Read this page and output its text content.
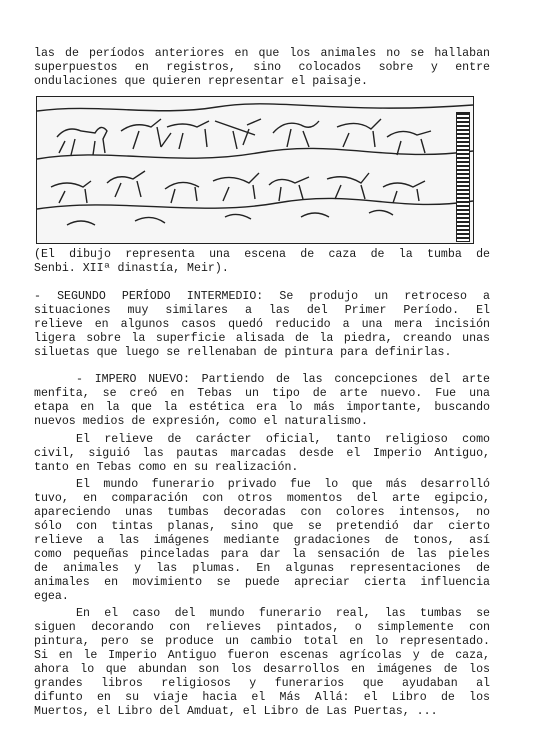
las de períodos anteriores en que los animales no se hallaban
superpuestos en registros, sino colocados sobre y entre
ondulaciones que quieren representar el paisaje.
(El dibujo representa una escena de caza de la tumba de
Senbi. XIIª dinastía, Meir).
- SEGUNDO PERÍODO INTERMEDIO: Se produjo un retroceso a
situaciones muy similares a las del Primer Período. El
relieve en algunos casos quedó reducido a una mera incisión
ligera sobre la superficie alisada de la piedra, creando unas
siluetas que luego se rellenaban de pintura para definirlas.
- IMPERO NUEVO: Partiendo de las concepciones del arte
menfita, se creó en Tebas un tipo de arte nuevo. Fue una
etapa en la que la estética era lo más importante, buscando
nuevos medios de expresión, como el naturalismo.
El relieve de carácter oficial, tanto religioso como
civil, siguió las pautas marcadas desde el Imperio Antiguo,
tanto en Tebas como en su realización.
El mundo funerario privado fue lo que más desarrolló
tuvo, en comparación con otros momentos del arte egipcio,
apareciendo unas tumbas decoradas con colores intensos, no
sólo con tintas planas, sino que se pretendió dar cierto
relieve a las imágenes mediante gradaciones de tonos, así
como pequeñas pinceladas para dar la sensación de las pieles
de animales y las plumas. En algunas representaciones de
animales en movimiento se puede apreciar cierta influencia
egea.
En el caso del mundo funerario real, las tumbas se
siguen decorando con relieves pintados, o simplemente con
pintura, pero se produce un cambio total en lo representado.
Si en le Imperio Antiguo fueron escenas agrícolas y de caza,
ahora lo que abundan son los desarrollos en imágenes de los
grandes libros religiosos y funerarios que ayudaban al
difunto en su viaje hacia el Más Allá: el Libro de los
Muertos, el Libro del Amduat, el Libro de Las Puertas, ...
